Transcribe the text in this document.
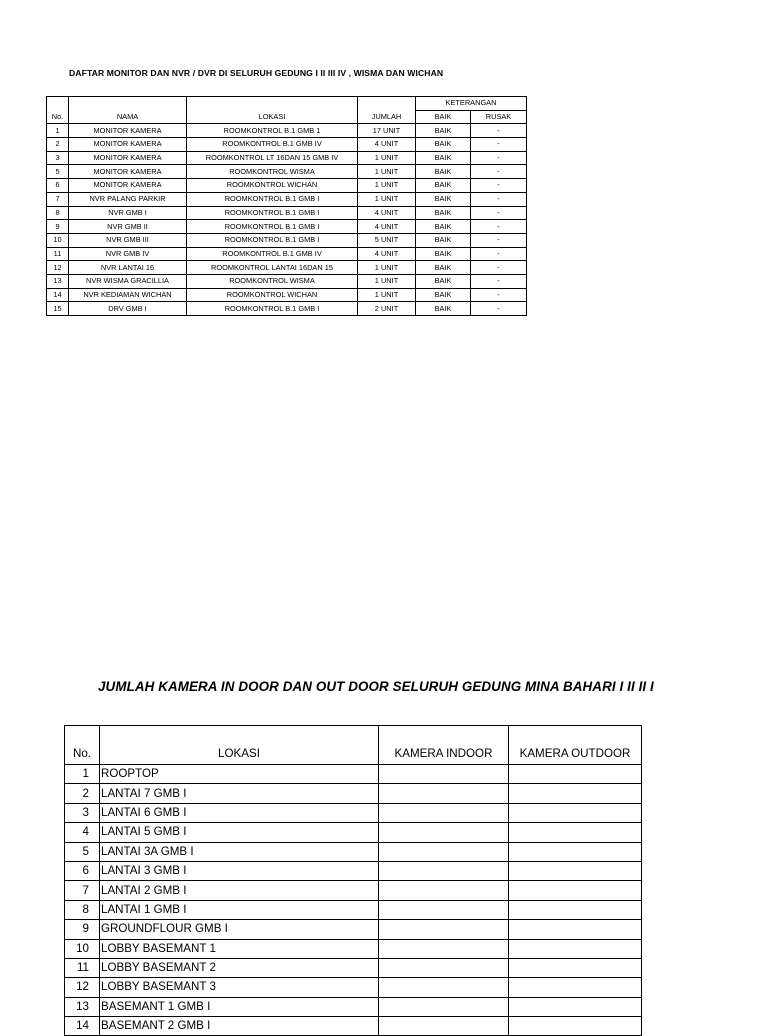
DAFTAR MONITOR DAN NVR / DVR DI SELURUH GEDUNG I II III IV , WISMA DAN WICHAN
				KETERANGAN	
No.	NAMA	LOKASI	JUMLAH	BAIK	RUSAK
1	MONITOR KAMERA	ROOMKONTROL B.1 GMB 1	17 UNIT	BAIK	-
2	MONITOR KAMERA	ROOMKONTROL B.1 GMB IV	4 UNIT	BAIK	-
3	MONITOR KAMERA	ROOMKONTROL LT 16DAN 15 GMB IV	1 UNIT	BAIK	-
5	MONITOR KAMERA	ROOMKONTROL WISMA	1 UNIT	BAIK	-
6	MONITOR KAMERA	ROOMKONTROL WICHAN	1 UNIT	BAIK	-
7	NVR PALANG PARKIR	ROOMKONTROL B.1 GMB I	1 UNIT	BAIK	-
8	NVR GMB I	ROOMKONTROL B.1 GMB I	4 UNIT	BAIK	-
9	NVR GMB II	ROOMKONTROL B.1 GMB I	4 UNIT	BAIK	-
10	NVR GMB III	ROOMKONTROL B.1 GMB I	5 UNIT	BAIK	-
11	NVR GMB IV	ROOMKONTROL B.1 GMB IV	4 UNIT	BAIK	-
12	NVR LANTAI 16	ROOMKONTROL LANTAI 16DAN 15	1 UNIT	BAIK	-
13	NVR WISMA GRACILLIA	ROOMKONTROL WISMA	1 UNIT	BAIK	-
14	NVR KEDIAMAN WICHAN	ROOMKONTROL WICHAN	1 UNIT	BAIK	-
15	DRV GMB I	ROOMKONTROL B.1 GMB I	2 UNIT	BAIK	-
JUMLAH KAMERA IN DOOR DAN OUT DOOR SELURUH GEDUNG MINA BAHARI I II II I
No.	LOKASI	KAMERA INDOOR	KAMERA OUTDOOR
1	ROOPTOP		
2	LANTAI 7 GMB I		
3	LANTAI 6 GMB I		
4	LANTAI 5 GMB I		
5	LANTAI 3A GMB I		
6	LANTAI 3 GMB I		
7	LANTAI 2 GMB I		
8	LANTAI 1 GMB I		
9	GROUNDFLOUR GMB I		
10	LOBBY BASEMANT 1		
11	LOBBY BASEMANT 2		
12	LOBBY BASEMANT 3		
13	BASEMANT 1 GMB I		
14	BASEMANT 2 GMB I		
